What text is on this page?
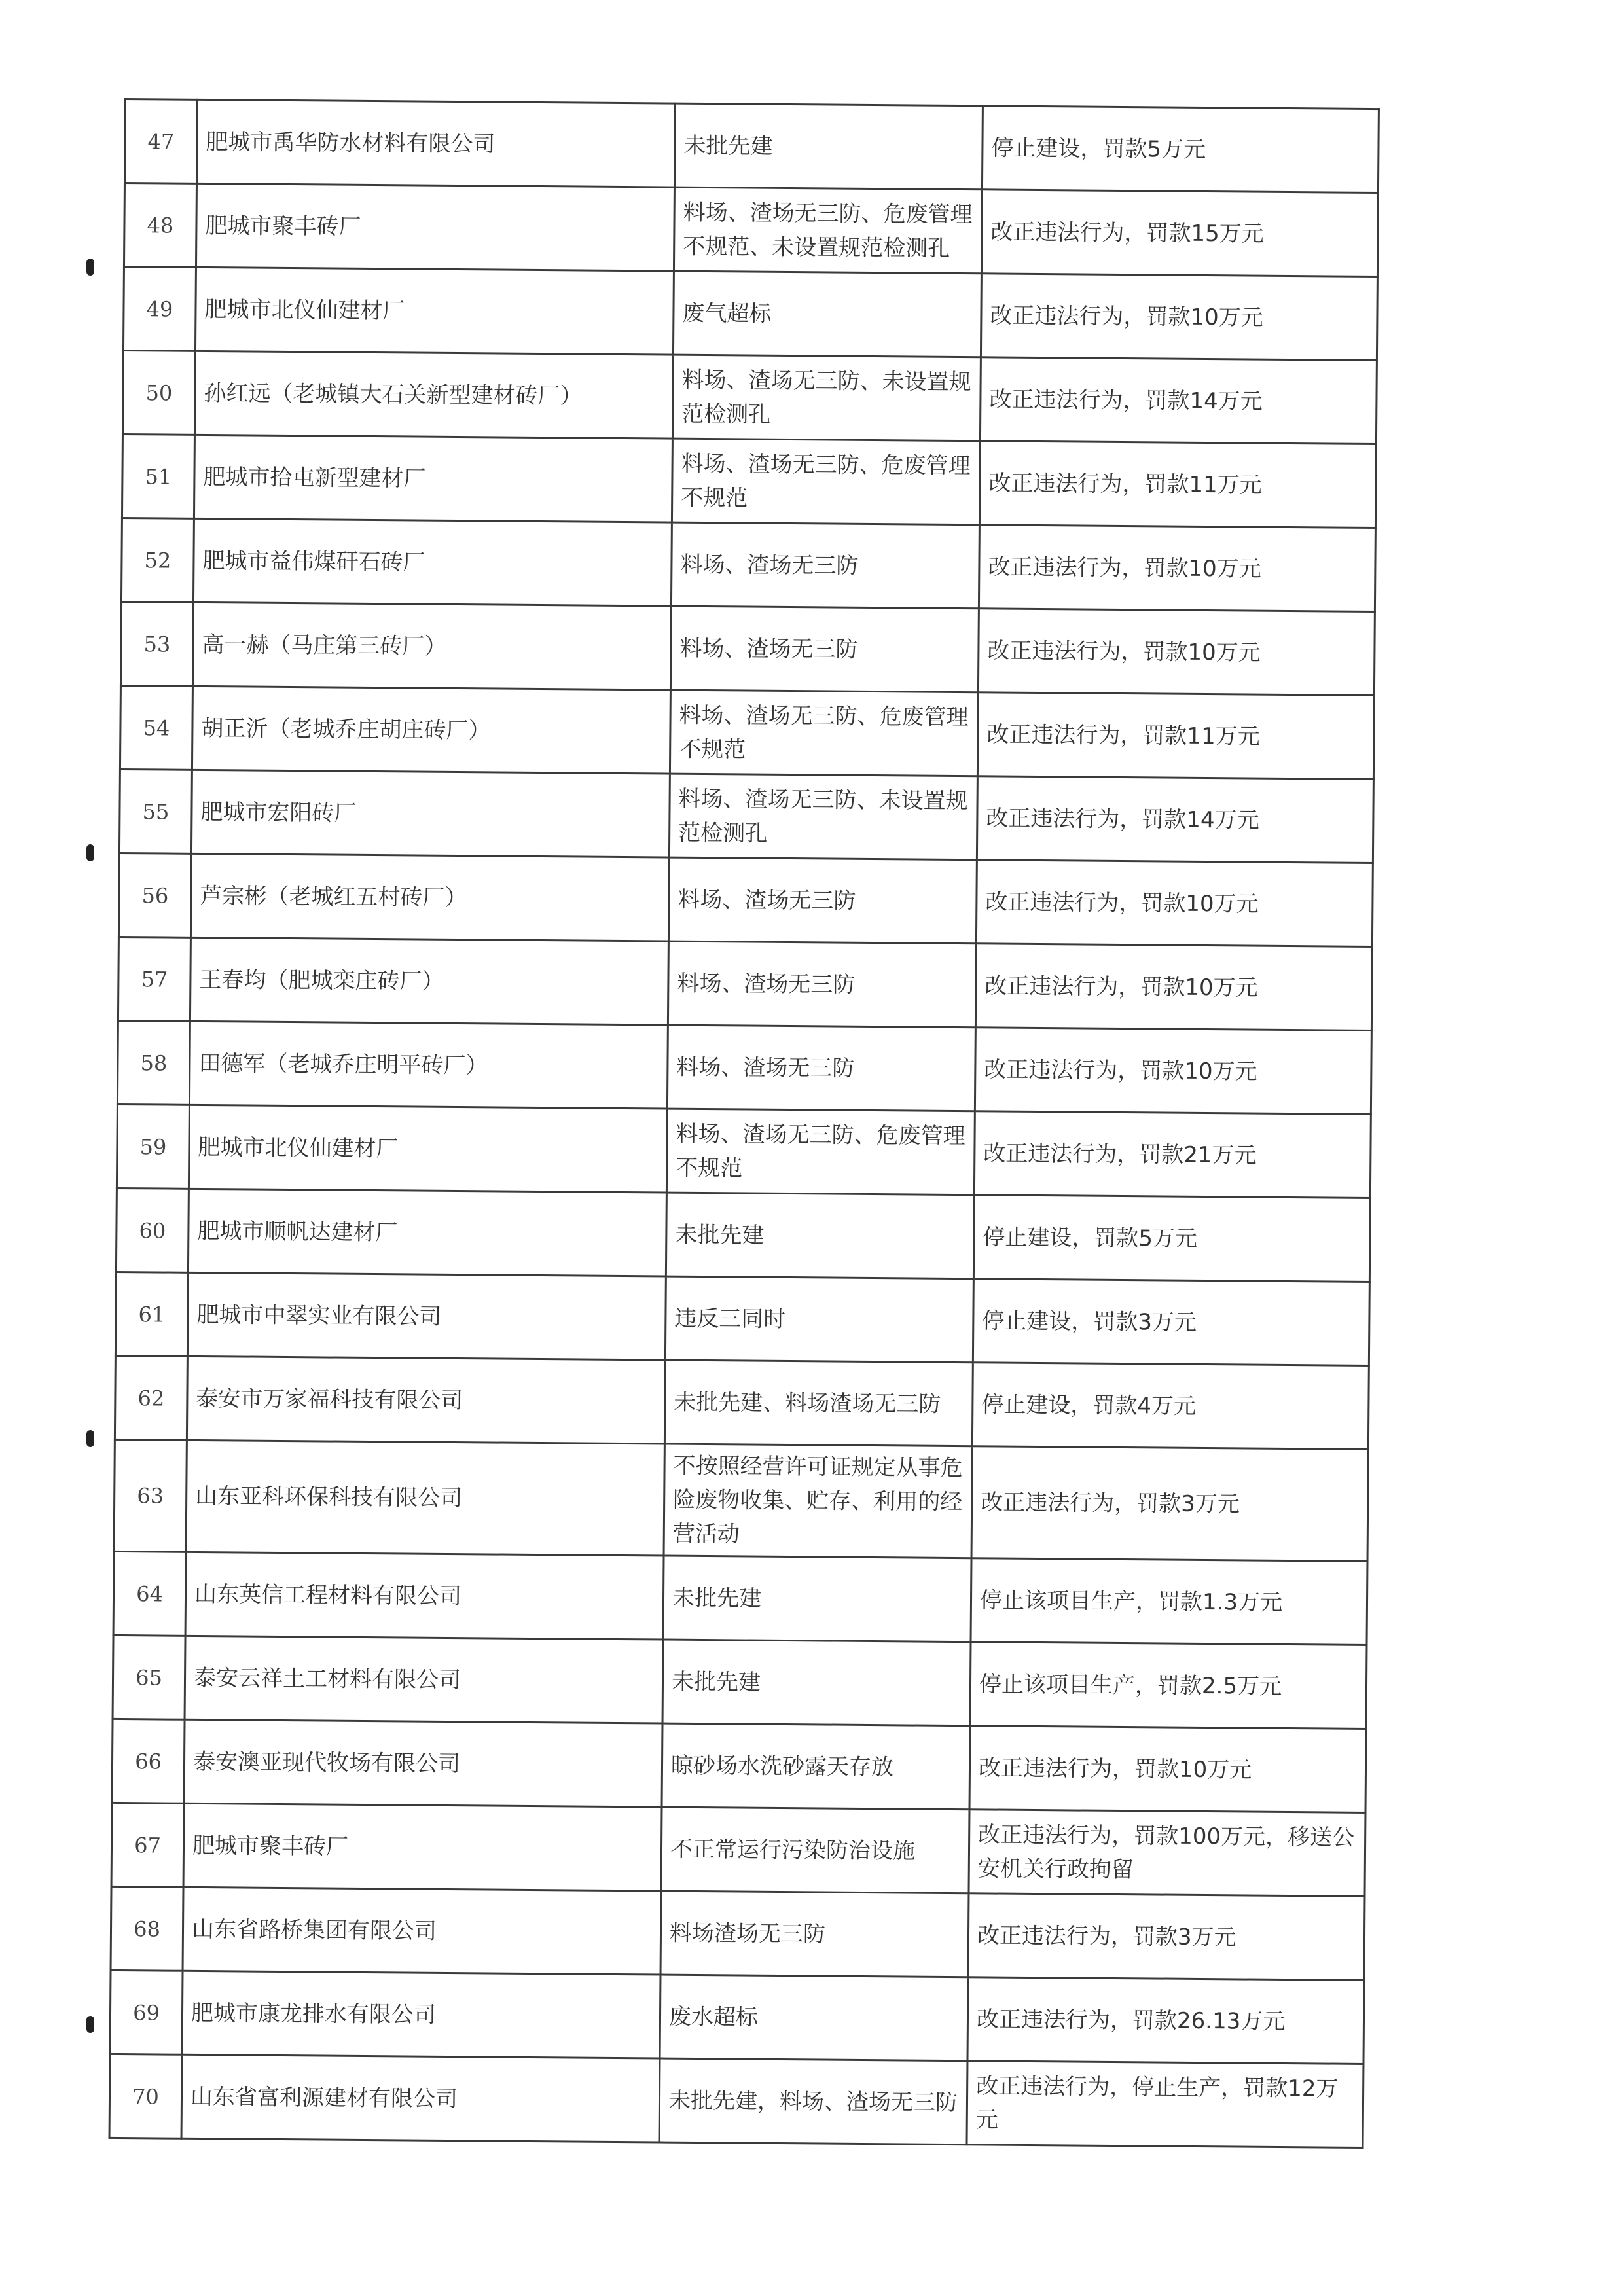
47	肥城市禹华防水材料有限公司	未批先建	停止建设，罚款5万元
48	肥城市聚丰砖厂	料场、渣场无三防、危废管理不规范、未设置规范检测孔	改正违法行为，罚款15万元
49	肥城市北仪仙建材厂	废气超标	改正违法行为，罚款10万元
50	孙红远（老城镇大石关新型建材砖厂）	料场、渣场无三防、未设置规范检测孔	改正违法行为，罚款14万元
51	肥城市拾屯新型建材厂	料场、渣场无三防、危废管理不规范	改正违法行为，罚款11万元
52	肥城市益伟煤矸石砖厂	料场、渣场无三防	改正违法行为，罚款10万元
53	高一赫（马庄第三砖厂）	料场、渣场无三防	改正违法行为，罚款10万元
54	胡正沂（老城乔庄胡庄砖厂）	料场、渣场无三防、危废管理不规范	改正违法行为，罚款11万元
55	肥城市宏阳砖厂	料场、渣场无三防、未设置规范检测孔	改正违法行为，罚款14万元
56	芦宗彬（老城红五村砖厂）	料场、渣场无三防	改正违法行为，罚款10万元
57	王春均（肥城栾庄砖厂）	料场、渣场无三防	改正违法行为，罚款10万元
58	田德军（老城乔庄明平砖厂）	料场、渣场无三防	改正违法行为，罚款10万元
59	肥城市北仪仙建材厂	料场、渣场无三防、危废管理不规范	改正违法行为，罚款21万元
60	肥城市顺帆达建材厂	未批先建	停止建设，罚款5万元
61	肥城市中翠实业有限公司	违反三同时	停止建设，罚款3万元
62	泰安市万家福科技有限公司	未批先建、料场渣场无三防	停止建设，罚款4万元
63	山东亚科环保科技有限公司	不按照经营许可证规定从事危险废物收集、贮存、利用的经营活动	改正违法行为，罚款3万元
64	山东英信工程材料有限公司	未批先建	停止该项目生产，罚款1.3万元
65	泰安云祥土工材料有限公司	未批先建	停止该项目生产，罚款2.5万元
66	泰安澳亚现代牧场有限公司	晾砂场水洗砂露天存放	改正违法行为，罚款10万元
67	肥城市聚丰砖厂	不正常运行污染防治设施	改正违法行为，罚款100万元，移送公安机关行政拘留
68	山东省路桥集团有限公司	料场渣场无三防	改正违法行为，罚款3万元
69	肥城市康龙排水有限公司	废水超标	改正违法行为，罚款26.13万元
70	山东省富利源建材有限公司	未批先建，料场、渣场无三防	改正违法行为，停止生产，罚款12万元
